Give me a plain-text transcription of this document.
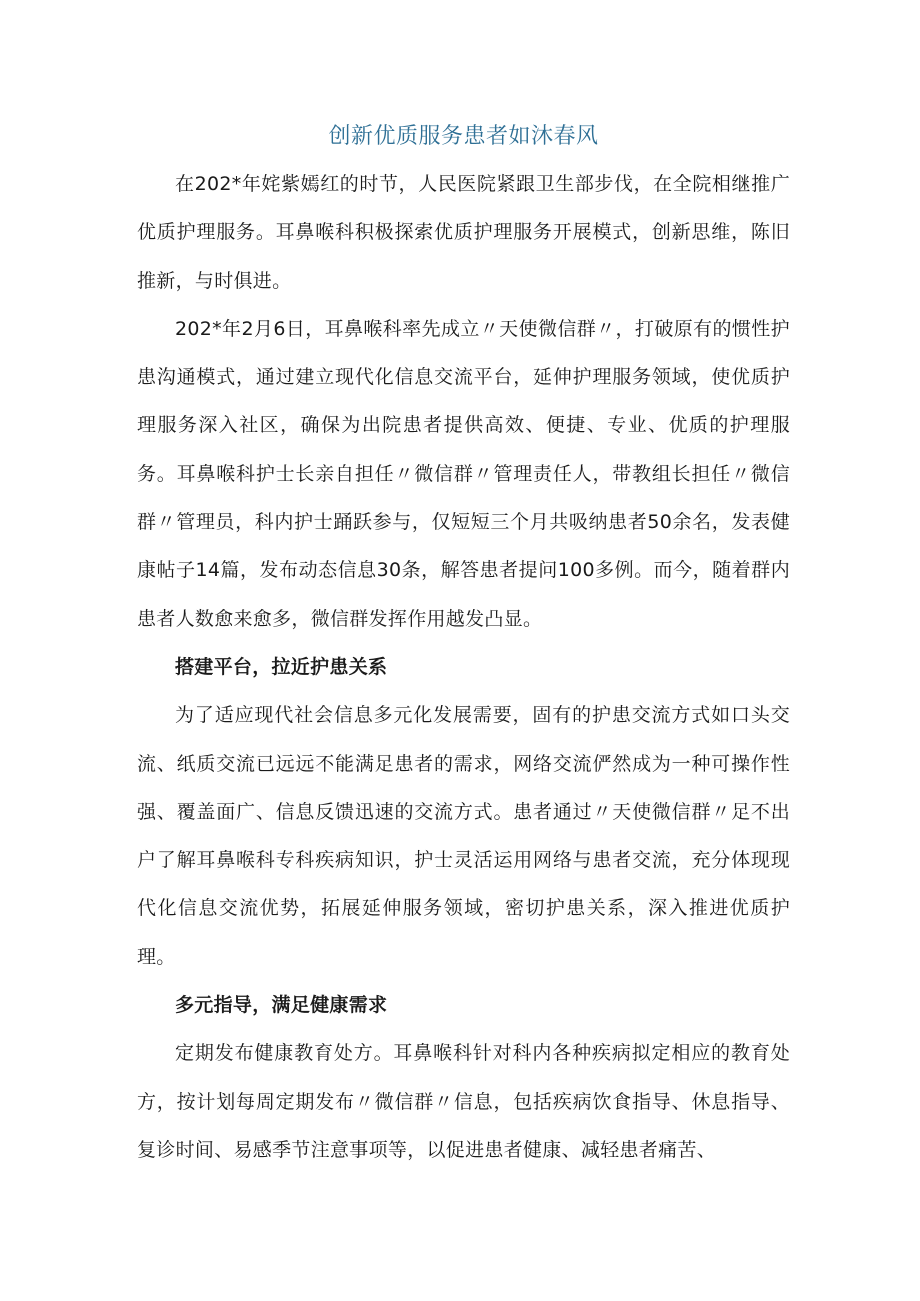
创新优质服务患者如沐春风

在202*年姹紫嫣红的时节，人民医院紧跟卫生部步伐，在全院相继推广优质护理服务。耳鼻喉科积极探索优质护理服务开展模式，创新思维，陈旧推新，与时俱进。

202*年2月6日，耳鼻喉科率先成立〃天使微信群〃，打破原有的惯性护患沟通模式，通过建立现代化信息交流平台，延伸护理服务领域，使优质护理服务深入社区，确保为出院患者提供高效、便捷、专业、优质的护理服务。耳鼻喉科护士长亲自担任〃微信群〃管理责任人，带教组长担任〃微信群〃管理员，科内护士踊跃参与，仅短短三个月共吸纳患者50余名，发表健康帖子14篇，发布动态信息30条，解答患者提问100多例。而今，随着群内患者人数愈来愈多，微信群发挥作用越发凸显。

搭建平台，拉近护患关系

为了适应现代社会信息多元化发展需要，固有的护患交流方式如口头交流、纸质交流已远远不能满足患者的需求，网络交流俨然成为一种可操作性强、覆盖面广、信息反馈迅速的交流方式。患者通过〃天使微信群〃足不出户了解耳鼻喉科专科疾病知识，护士灵活运用网络与患者交流，充分体现现代化信息交流优势，拓展延伸服务领域，密切护患关系，深入推进优质护理。

多元指导，满足健康需求

定期发布健康教育处方。耳鼻喉科针对科内各种疾病拟定相应的教育处方，按计划每周定期发布〃微信群〃信息，包括疾病饮食指导、休息指导、复诊时间、易感季节注意事项等，以促进患者健康、减轻患者痛苦、
